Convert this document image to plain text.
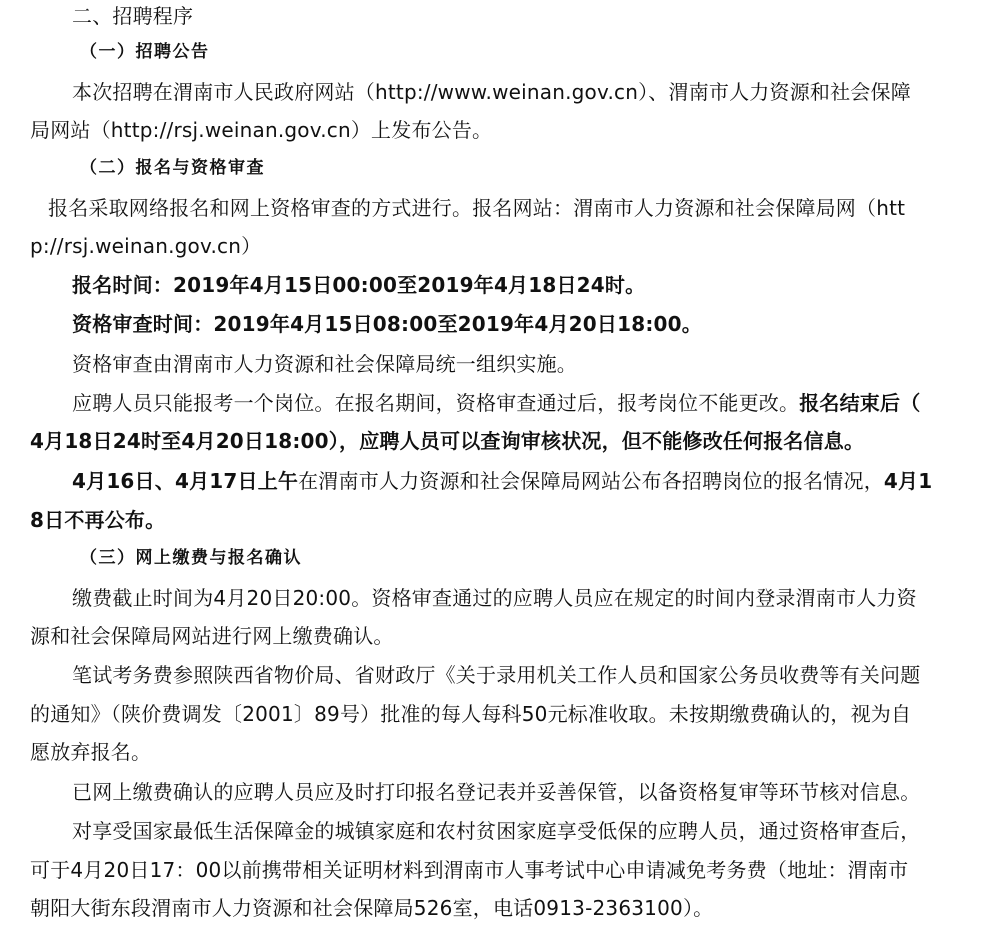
二、招聘程序
（一）招聘公告
本次招聘在渭南市人民政府网站（http://www.weinan.gov.cn）、渭南市人力资源和社会保障
局网站（http://rsj.weinan.gov.cn）上发布公告。
（二）报名与资格审查
报名采取网络报名和网上资格审查的方式进行。报名网站：渭南市人力资源和社会保障局网（htt
p://rsj.weinan.gov.cn）
报名时间：2019年4月15日00:00至2019年4月18日24时。
资格审查时间：2019年4月15日08:00至2019年4月20日18:00。
资格审查由渭南市人力资源和社会保障局统一组织实施。
应聘人员只能报考一个岗位。在报名期间，资格审查通过后，报考岗位不能更改。报名结束后（
4月18日24时至4月20日18:00），应聘人员可以查询审核状况，但不能修改任何报名信息。
4月16日、4月17日上午在渭南市人力资源和社会保障局网站公布各招聘岗位的报名情况，4月1
8日不再公布。
（三）网上缴费与报名确认
缴费截止时间为4月20日20:00。资格审查通过的应聘人员应在规定的时间内登录渭南市人力资
源和社会保障局网站进行网上缴费确认。
笔试考务费参照陕西省物价局、省财政厅《关于录用机关工作人员和国家公务员收费等有关问题
的通知》（陕价费调发〔2001〕89号）批准的每人每科50元标准收取。未按期缴费确认的，视为自
愿放弃报名。
已网上缴费确认的应聘人员应及时打印报名登记表并妥善保管，以备资格复审等环节核对信息。
对享受国家最低生活保障金的城镇家庭和农村贫困家庭享受低保的应聘人员，通过资格审查后，
可于4月20日17：00以前携带相关证明材料到渭南市人事考试中心申请减免考务费（地址：渭南市
朝阳大街东段渭南市人力资源和社会保障局526室，电话0913-2363100）。
